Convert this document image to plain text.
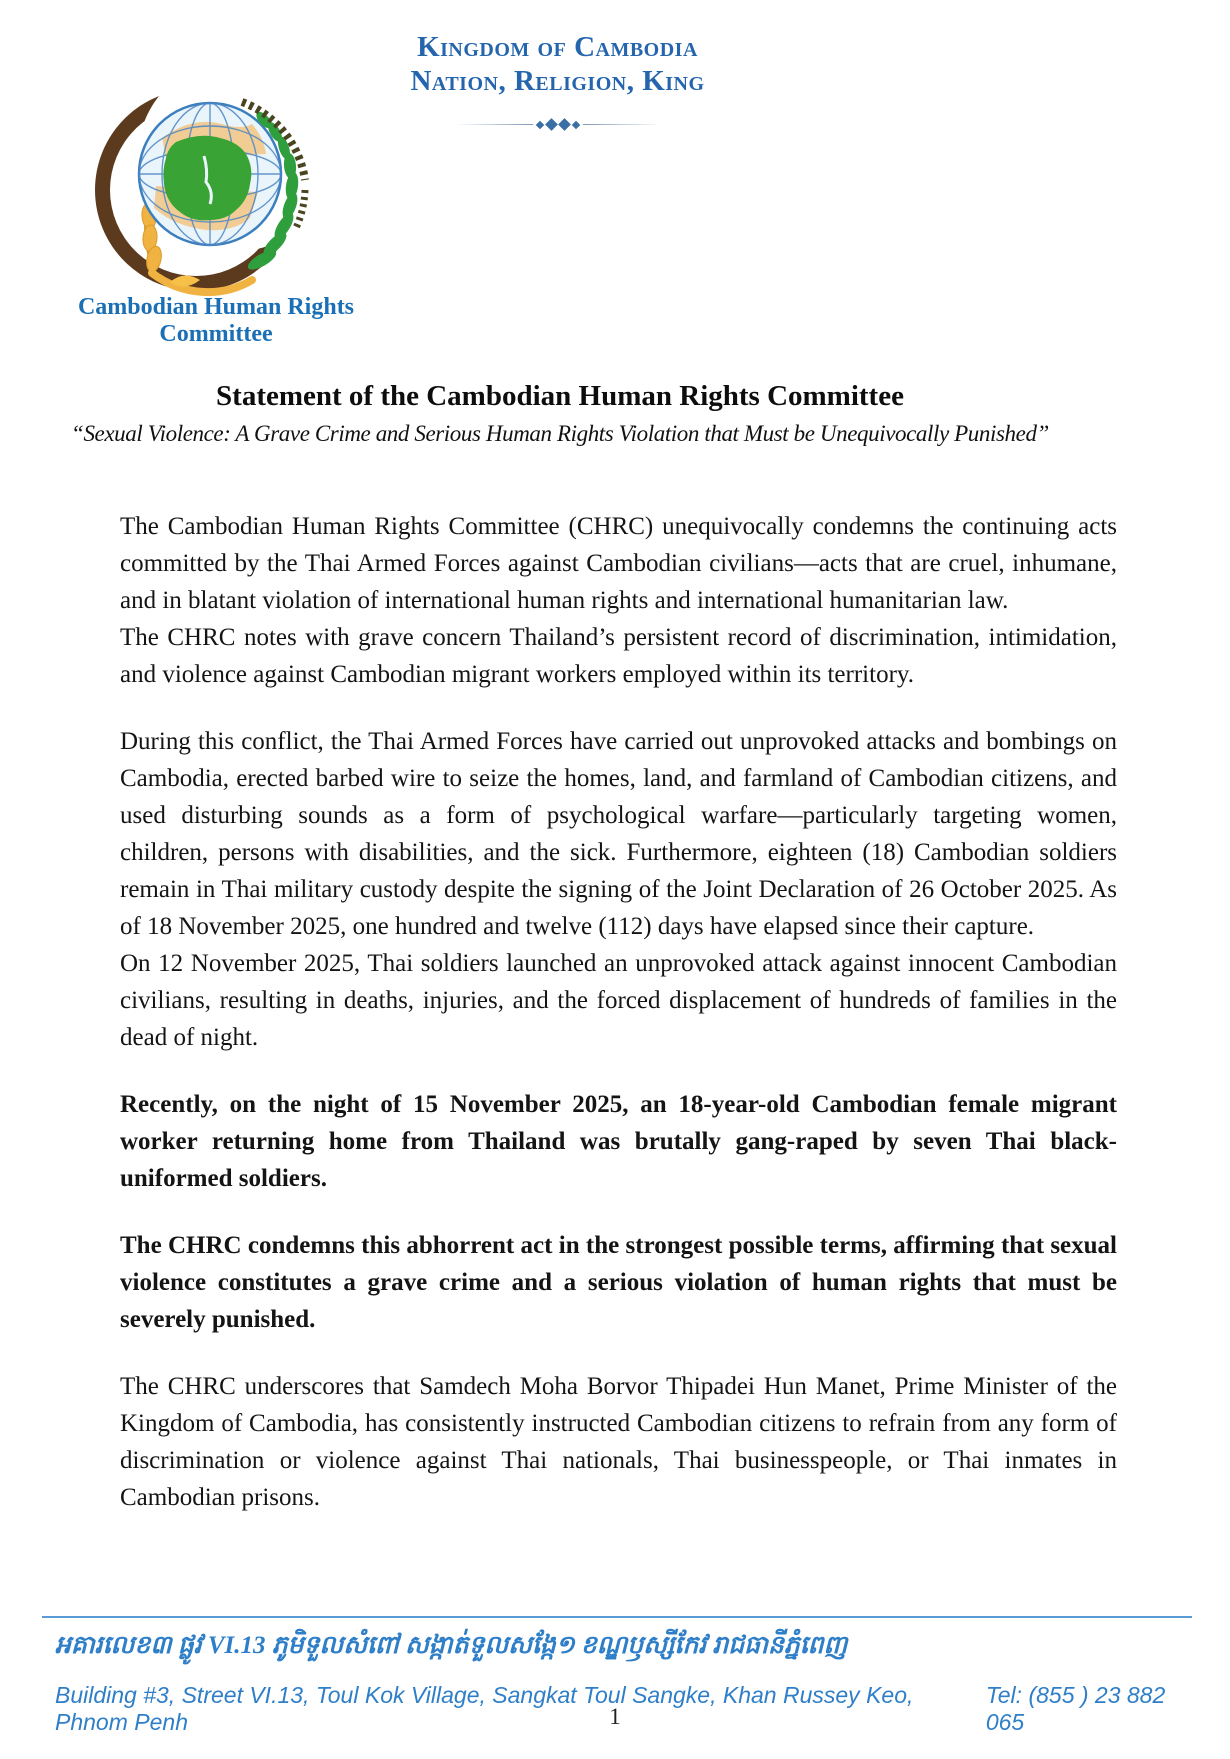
Kingdom of Cambodia
Nation, Religion, King
Cambodian Human Rights Committee
Statement of the Cambodian Human Rights Committee
“Sexual Violence: A Grave Crime and Serious Human Rights Violation that Must be Unequivocally Punished”

The Cambodian Human Rights Committee (CHRC) unequivocally condemns the continuing acts committed by the Thai Armed Forces against Cambodian civilians—acts that are cruel, inhumane, and in blatant violation of international human rights and international humanitarian law.

The CHRC notes with grave concern Thailand’s persistent record of discrimination, intimidation, and violence against Cambodian migrant workers employed within its territory.

During this conflict, the Thai Armed Forces have carried out unprovoked attacks and bombings on Cambodia, erected barbed wire to seize the homes, land, and farmland of Cambodian citizens, and used disturbing sounds as a form of psychological warfare—particularly targeting women, children, persons with disabilities, and the sick. Furthermore, eighteen (18) Cambodian soldiers remain in Thai military custody despite the signing of the Joint Declaration of 26 October 2025. As of 18 November 2025, one hundred and twelve (112) days have elapsed since their capture.

On 12 November 2025, Thai soldiers launched an unprovoked attack against innocent Cambodian civilians, resulting in deaths, injuries, and the forced displacement of hundreds of families in the dead of night.

Recently, on the night of 15 November 2025, an 18-year-old Cambodian female migrant worker returning home from Thailand was brutally gang-raped by seven Thai black-uniformed soldiers.

The CHRC condemns this abhorrent act in the strongest possible terms, affirming that sexual violence constitutes a grave crime and a serious violation of human rights that must be severely punished.

The CHRC underscores that Samdech Moha Borvor Thipadei Hun Manet, Prime Minister of the Kingdom of Cambodia, has consistently instructed Cambodian citizens to refrain from any form of discrimination or violence against Thai nationals, Thai businesspeople, or Thai inmates in Cambodian prisons.

អគារលេខ៣ ផ្លូវ VI.13 ភូមិទួលសំពៅ សង្កាត់ទួលសង្កែ១ ខណ្ឌឫស្សីកែវ រាជធានីភ្នំពេញ
Building #3, Street VI.13, Toul Kok Village, Sangkat Toul Sangke, Khan Russey Keo, Phnom Penh
Tel: (855 ) 23 882 065
1
